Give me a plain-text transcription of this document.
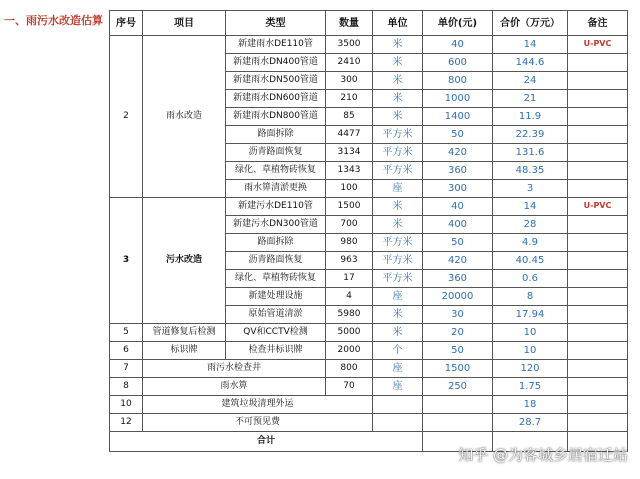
一、雨污水改造估算 序号	项目	类型	数量	单位	单价(元)	合价（万元）	备注
2	雨水改造	新建雨水DE110管	3500	米	40	14	U-PVC
		新建雨水DN400管道	2410	米	600	144.6	
		新建雨水DN500管道	300	米	800	24	
		新建雨水DN600管道	210	米	1000	21	
		新建雨水DN800管道	85	米	1400	11.9	
		路面拆除	4477	平方米	50	22.39	
		沥青路面恢复	3134	平方米	420	131.6	
		绿化、草植物砖恢复	1343	平方米	360	48.35	
		雨水箅清淤更换	100	座	300	3	
3	污水改造	新建污水DE110管	1500	米	40	14	U-PVC
		新建污水DN300管道	700	米	400	28	
		路面拆除	980	平方米	50	4.9	
		沥青路面恢复	963	平方米	420	40.45	
		绿化、草植物砖恢复	17	平方米	360	0.6	
		新建处理设施	4	座	20000	8	
		原始管道清淤	5980	米	30	17.94	
5	管道修复后检测	QV和CCTV检测	5000	米	20	10	
6	标识牌	检查井标识牌	2000	个	50	10	
7	雨污水检查井		800	座	1500	120	
8	雨水箅		70	座	250	1.75	
10	建筑垃圾清理外运					18	
12	不可预见费					28.7	
合计							
知乎 @为客城乡居宿迁站
